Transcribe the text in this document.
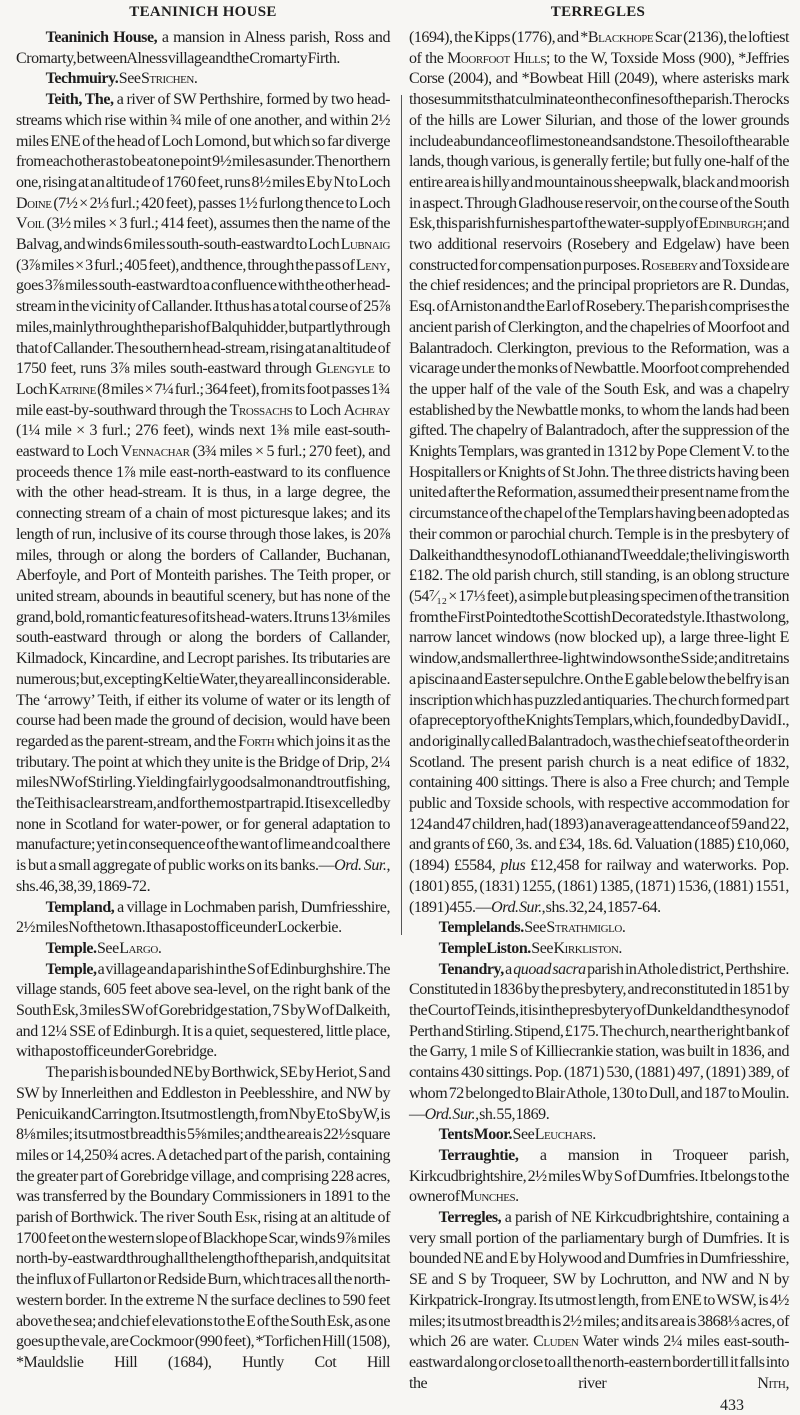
TEANINICH HOUSE	TERREGLES

Teaninich House, a mansion in Alness parish, Ross and Cromarty, between Alness village and the Cromarty Firth.

Techmuiry. See Strichen.

Teith, The, a river of SW Perthshire, formed by two head-streams which rise within ¾ mile of one another, and within 2½ miles ENE of the head of Loch Lomond, but which so far diverge from each other as to be at one point 9½ miles asunder. The northern one, rising at an altitude of 1760 feet, runs 8½ miles E by N to Loch Doine (7½ × 2⅓ furl.; 420 feet), passes 1½ furlong thence to Loch Voil (3½ miles × 3 furl.; 414 feet), assumes then the name of the Balvag, and winds 6 miles south-south-eastward to Loch Lubnaig (3⅞ miles × 3 furl.; 405 feet), and thence, through the pass of Leny, goes 3⅞ miles south-eastward to a confluence with the other head-stream in the vicinity of Callander. It thus has a total course of 25⅞ miles, mainly through the parish of Balquhidder, but partly through that of Callander. The southern head-stream, rising at an altitude of 1750 feet, runs 3⅞ miles south-eastward through Glengyle to Loch Katrine (8 miles × 7¼ furl.; 364 feet), from its foot passes 1¾ mile east-by-southward through the Trossachs to Loch Achray (1¼ mile × 3 furl.; 276 feet), winds next 1⅜ mile east-south-eastward to Loch Vennachar (3¾ miles × 5 furl.; 270 feet), and proceeds thence 1⅞ mile east-north-eastward to its confluence with the other head-stream. It is thus, in a large degree, the connecting stream of a chain of most picturesque lakes; and its length of run, inclusive of its course through those lakes, is 20⅞ miles, through or along the borders of Callander, Buchanan, Aberfoyle, and Port of Monteith parishes. The Teith proper, or united stream, abounds in beautiful scenery, but has none of the grand, bold, romantic features of its head-waters. It runs 13⅛ miles south-eastward through or along the borders of Callander, Kilmadock, Kincardine, and Lecropt parishes. Its tributaries are numerous; but, excepting Keltie Water, they are all inconsiderable. The ‘arrowy’ Teith, if either its volume of water or its length of course had been made the ground of decision, would have been regarded as the parent-stream, and the Forth which joins it as the tributary. The point at which they unite is the Bridge of Drip, 2¼ miles NW of Stirling. Yielding fairly good salmon and trout fishing, the Teith is a clear stream, and for the most part rapid. It is excelled by none in Scotland for water-power, or for general adaptation to manufacture; yet in consequence of the want of lime and coal there is but a small aggregate of public works on its banks.—Ord. Sur., shs. 46, 38, 39, 1869-72.

Templand, a village in Lochmaben parish, Dumfriesshire, 2½ miles N of the town. It has a post office under Lockerbie.

Temple. See Largo.

Temple, a village and a parish in the S of Edinburghshire. The village stands, 605 feet above sea-level, on the right bank of the South Esk, 3 miles SW of Gorebridge station, 7 S by W of Dalkeith, and 12¼ SSE of Edinburgh. It is a quiet, sequestered, little place, with a post office under Gorebridge.

The parish is bounded NE by Borthwick, SE by Heriot, S and SW by Innerleithen and Eddleston in Peeblesshire, and NW by Penicuik and Carrington. Its utmost length, from N by E to S by W, is 8⅛ miles; its utmost breadth is 5⅝ miles; and the area is 22½ square miles or 14,250¾ acres. A detached part of the parish, containing the greater part of Gorebridge village, and comprising 228 acres, was transferred by the Boundary Commissioners in 1891 to the parish of Borthwick. The river South Esk, rising at an altitude of 1700 feet on the western slope of Blackhope Scar, winds 9⅞ miles north-by-eastward through all the length of the parish, and quits it at the influx of Fullarton or Redside Burn, which traces all the north-western border. In the extreme N the surface declines to 590 feet above the sea; and chief elevations to the E of the South Esk, as one goes up the vale, are Cockmoor (990 feet), *Torfichen Hill (1508), *Mauldslie Hill (1684), Huntly Cot Hill

(1694), the Kipps (1776), and *Blackhope Scar (2136), the loftiest of the Moorfoot Hills; to the W, Toxside Moss (900), *Jeffries Corse (2004), and *Bowbeat Hill (2049), where asterisks mark those summits that culminate on the confines of the parish. The rocks of the hills are Lower Silurian, and those of the lower grounds include abundance of limestone and sandstone. The soil of the arable lands, though various, is generally fertile; but fully one-half of the entire area is hilly and mountainous sheepwalk, black and moorish in aspect. Through Gladhouse reservoir, on the course of the South Esk, this parish furnishes part of the water-supply of Edinburgh; and two additional reservoirs (Rosebery and Edgelaw) have been constructed for compensation purposes. Rosebery and Toxside are the chief residences; and the principal proprietors are R. Dundas, Esq. of Arniston and the Earl of Rosebery. The parish comprises the ancient parish of Clerkington, and the chapelries of Moorfoot and Balantradoch. Clerkington, previous to the Reformation, was a vicarage under the monks of Newbattle. Moorfoot comprehended the upper half of the vale of the South Esk, and was a chapelry established by the Newbattle monks, to whom the lands had been gifted. The chapelry of Balantradoch, after the suppression of the Knights Templars, was granted in 1312 by Pope Clement V. to the Hospitallers or Knights of St John. The three districts having been united after the Reformation, assumed their present name from the circumstance of the chapel of the Templars having been adopted as their common or parochial church. Temple is in the presbytery of Dalkeith and the synod of Lothian and Tweeddale; the living is worth £182. The old parish church, still standing, is an oblong structure (54⁷⁄₁₂ × 17⅓ feet), a simple but pleasing specimen of the transition from the First Pointed to the Scottish Decorated style. It has two long, narrow lancet windows (now blocked up), a large three-light E window, and smaller three-light windows on the S side; and it retains a piscina and Easter sepulchre. On the E gable below the belfry is an inscription which has puzzled antiquaries. The church formed part of a preceptory of the Knights Templars, which, founded by David I., and originally called Balantradoch, was the chief seat of the order in Scotland. The present parish church is a neat edifice of 1832, containing 400 sittings. There is also a Free church; and Temple public and Toxside schools, with respective accommodation for 124 and 47 children, had (1893) an average attendance of 59 and 22, and grants of £60, 3s. and £34, 18s. 6d. Valuation (1885) £10,060, (1894) £5584, plus £12,458 for railway and waterworks. Pop. (1801) 855, (1831) 1255, (1861) 1385, (1871) 1536, (1881) 1551, (1891) 455.—Ord. Sur., shs. 32, 24, 1857-64.

Templelands. See Strathmiglo.

Temple Liston. See Kirkliston.

Tenandry, a quoad sacra parish in Athole district, Perthshire. Constituted in 1836 by the presbytery, and reconstituted in 1851 by the Court of Teinds, it is in the presbytery of Dunkeld and the synod of Perth and Stirling. Stipend, £175. The church, near the right bank of the Garry, 1 mile S of Killiecrankie station, was built in 1836, and contains 430 sittings. Pop. (1871) 530, (1881) 497, (1891) 389, of whom 72 belonged to Blair Athole, 130 to Dull, and 187 to Moulin.—Ord. Sur., sh. 55, 1869.

Tents Moor. See Leuchars.

Terraughtie, a mansion in Troqueer parish, Kirkcudbrightshire, 2½ miles W by S of Dumfries. It belongs to the owner of Munches.

Terregles, a parish of NE Kirkcudbrightshire, containing a very small portion of the parliamentary burgh of Dumfries. It is bounded NE and E by Holywood and Dumfries in Dumfriesshire, SE and S by Troqueer, SW by Lochrutton, and NW and N by Kirkpatrick-Irongray. Its utmost length, from ENE to WSW, is 4½ miles; its utmost breadth is 2½ miles; and its area is 3868⅓ acres, of which 26 are water. Cluden Water winds 2¼ miles east-south-eastward along or close to all the north-eastern border till it falls into the river Nith,

433
